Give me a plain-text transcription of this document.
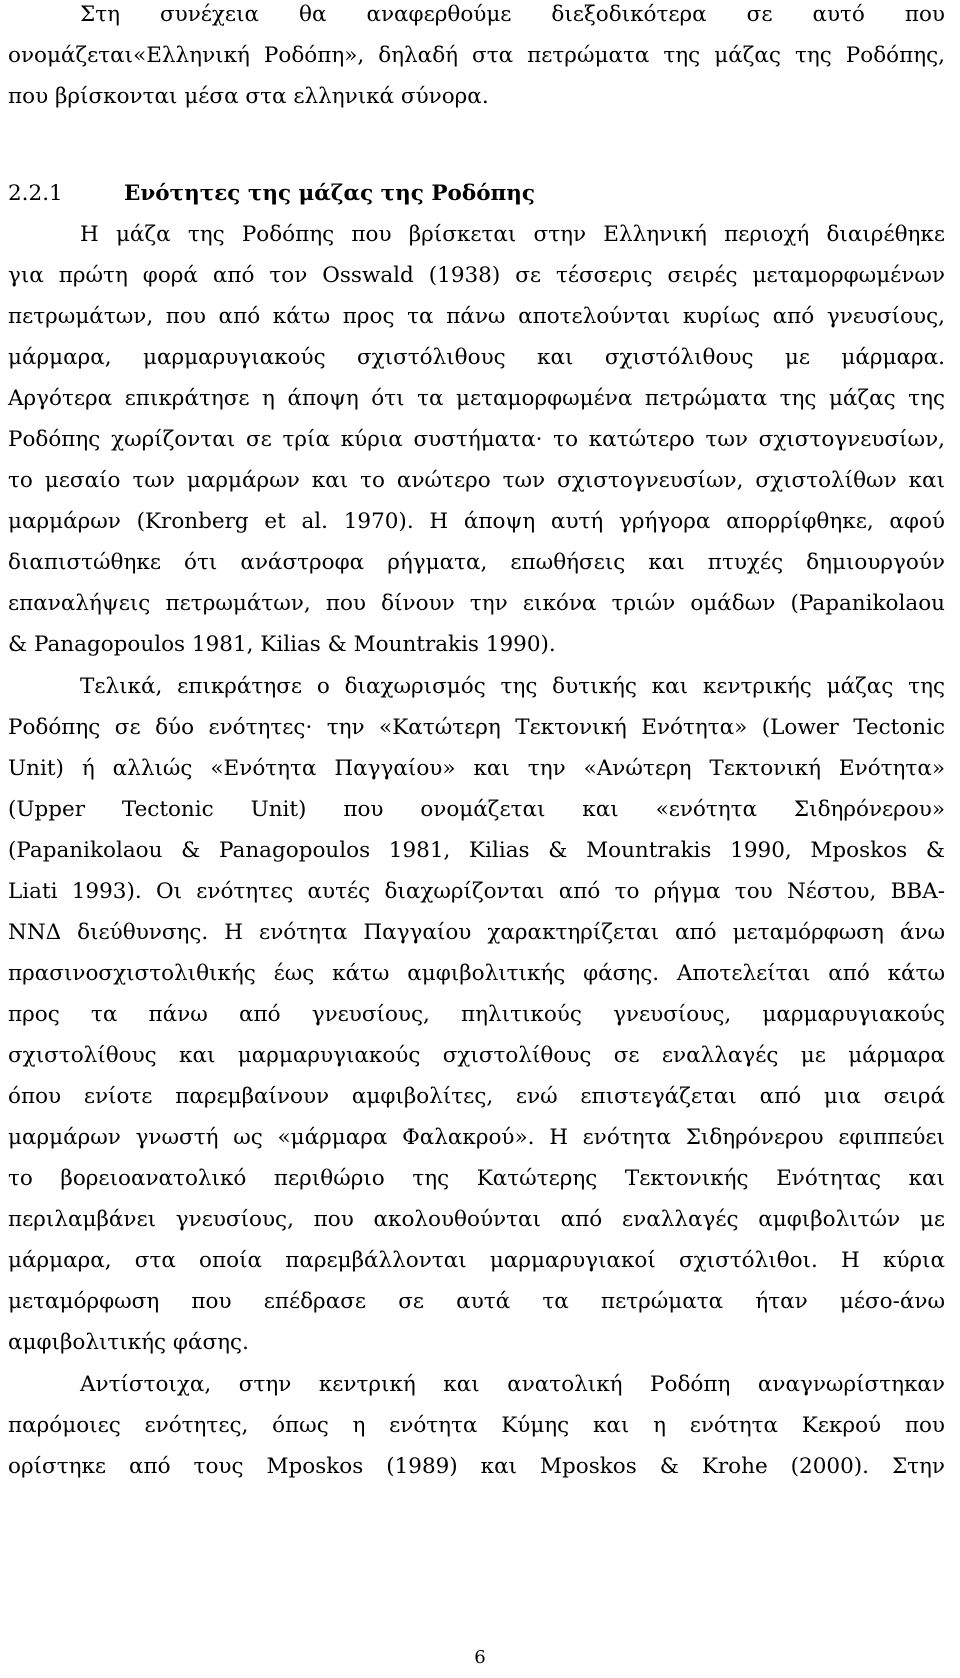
Στη συνέχεια θα αναφερθούμε διεξοδικότερα σε αυτό που
ονομάζεται«Ελληνική Ροδόπη», δηλαδή στα πετρώματα της μάζας της Ροδόπης,
που βρίσκονται μέσα στα ελληνικά σύνορα.
2.2.1	Ενότητες της μάζας της Ροδόπης
Η μάζα της Ροδόπης που βρίσκεται στην Ελληνική περιοχή διαιρέθηκε
για πρώτη φορά από τον Osswald (1938) σε τέσσερις σειρές μεταμορφωμένων
πετρωμάτων, που από κάτω προς τα πάνω αποτελούνται κυρίως από γνευσίους,
μάρμαρα, μαρμαρυγιακούς σχιστόλιθους και σχιστόλιθους με μάρμαρα.
Αργότερα επικράτησε η άποψη ότι τα μεταμορφωμένα πετρώματα της μάζας της
Ροδόπης χωρίζονται σε τρία κύρια συστήματα· το κατώτερο των σχιστογνευσίων,
το μεσαίο των μαρμάρων και το ανώτερο των σχιστογνευσίων, σχιστολίθων και
μαρμάρων (Kronberg et al. 1970). Η άποψη αυτή γρήγορα απορρίφθηκε, αφού
διαπιστώθηκε ότι ανάστροφα ρήγματα, επωθήσεις και πτυχές δημιουργούν
επαναλήψεις πετρωμάτων, που δίνουν την εικόνα τριών ομάδων (Papanikolaou
& Panagopoulos 1981, Kilias & Mountrakis 1990).
Τελικά, επικράτησε ο διαχωρισμός της δυτικής και κεντρικής μάζας της
Ροδόπης σε δύο ενότητες· την «Κατώτερη Τεκτονική Ενότητα» (Lower Tectonic
Unit) ή αλλιώς «Ενότητα Παγγαίου» και την «Ανώτερη Τεκτονική Ενότητα»
(Upper Tectonic Unit) που ονομάζεται και «ενότητα Σιδηρόνερου»
(Papanikolaou & Panagopoulos 1981, Kilias & Mountrakis 1990, Mposkos &
Liati 1993). Οι ενότητες αυτές διαχωρίζονται από το ρήγμα του Νέστου, ΒΒΑ-
ΝΝΔ διεύθυνσης. Η ενότητα Παγγαίου χαρακτηρίζεται από μεταμόρφωση άνω
πρασινοσχιστολιθικής έως κάτω αμφιβολιτικής φάσης. Αποτελείται από κάτω
προς τα πάνω από γνευσίους, πηλιτικούς γνευσίους, μαρμαρυγιακούς
σχιστολίθους και μαρμαρυγιακούς σχιστολίθους σε εναλλαγές με μάρμαρα
όπου ενίοτε παρεμβαίνουν αμφιβολίτες, ενώ επιστεγάζεται από μια σειρά
μαρμάρων γνωστή ως «μάρμαρα Φαλακρού». Η ενότητα Σιδηρόνερου εφιππεύει
το βορειοανατολικό περιθώριο της Κατώτερης Τεκτονικής Ενότητας και
περιλαμβάνει γνευσίους, που ακολουθούνται από εναλλαγές αμφιβολιτών με
μάρμαρα, στα οποία παρεμβάλλονται μαρμαρυγιακοί σχιστόλιθοι. Η κύρια
μεταμόρφωση που επέδρασε σε αυτά τα πετρώματα ήταν μέσο-άνω
αμφιβολιτικής φάσης.
Αντίστοιχα, στην κεντρική και ανατολική Ροδόπη αναγνωρίστηκαν
παρόμοιες ενότητες, όπως η ενότητα Κύμης και η ενότητα Κεκρού που
ορίστηκε από τους Mposkos (1989) και Mposkos & Krohe (2000). Στην
6
